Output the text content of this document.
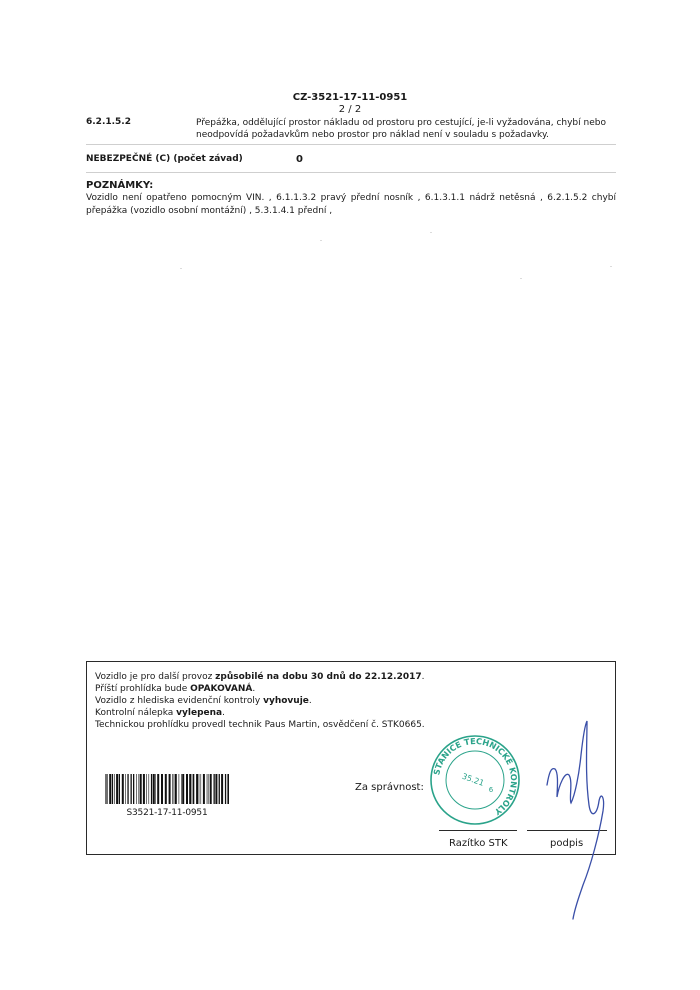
CZ-3521-17-11-0951
2 / 2
6.2.1.5.2	Přepážka, oddělující prostor nákladu od prostoru pro cestující, je-li vyžadována, chybí nebo neodpovídá požadavkům nebo prostor pro náklad není v souladu s požadavky.
NEBEZPEČNÉ (C) (počet závad)	0
POZNÁMKY:
Vozidlo není opatřeno pomocným VIN. , 6.1.1.3.2 pravý přední nosník , 6.1.3.1.1 nádrž netěsná , 6.2.1.5.2 chybí přepážka (vozidlo osobní montážní) , 5.3.1.4.1 přední ,
Vozidlo je pro další provoz způsobilé na dobu 30 dnů do 22.12.2017.
Příští prohlídka bude OPAKOVANÁ.
Vozidlo z hlediska evidenční kontroly vyhovuje.
Kontrolní nálepka vylepena.
Technickou prohlídku provedl technik Paus Martin, osvědčení č. STK0665.
S3521-17-11-0951
Za správnost:
STANICE TECHNICKÉ KONTROLY
35.21
6
Razítko STK	podpis
